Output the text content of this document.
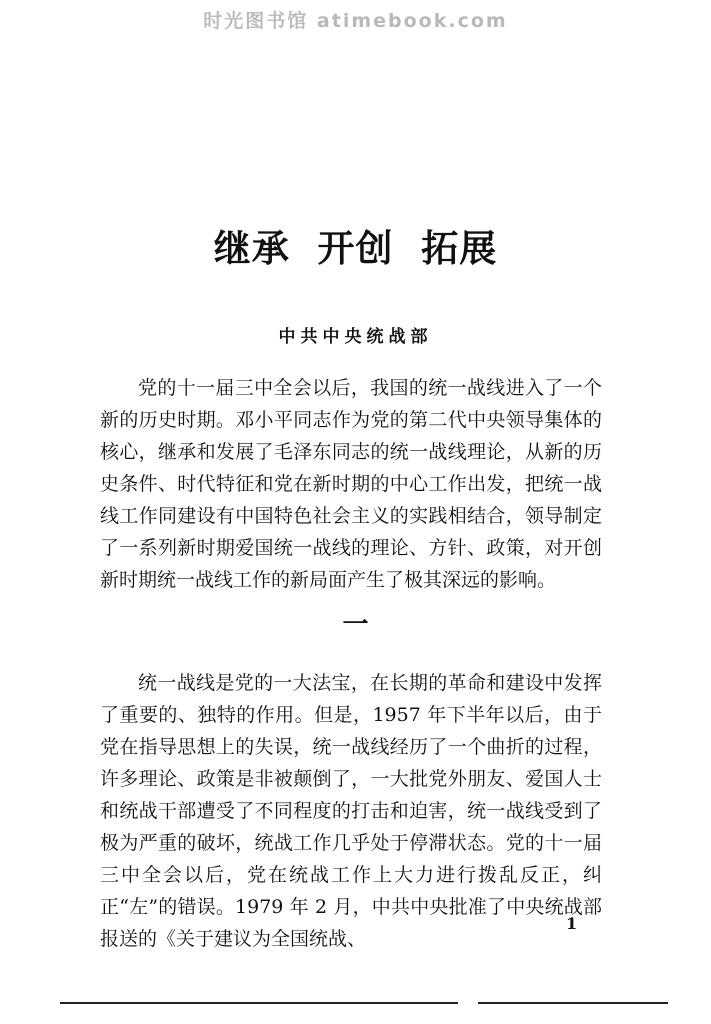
时光图书馆 atimebook.com
继承  开创  拓展
中共中央统战部

党的十一届三中全会以后，我国的统一战线进入了一个新的历史时期。邓小平同志作为党的第二代中央领导集体的核心，继承和发展了毛泽东同志的统一战线理论，从新的历史条件、时代特征和党在新时期的中心工作出发，把统一战线工作同建设有中国特色社会主义的实践相结合，领导制定了一系列新时期爱国统一战线的理论、方针、政策，对开创新时期统一战线工作的新局面产生了极其深远的影响。

一

统一战线是党的一大法宝，在长期的革命和建设中发挥了重要的、独特的作用。但是，1957 年下半年以后，由于党在指导思想上的失误，统一战线经历了一个曲折的过程，许多理论、政策是非被颠倒了，一大批党外朋友、爱国人士和统战干部遭受了不同程度的打击和迫害，统一战线受到了极为严重的破坏，统战工作几乎处于停滞状态。党的十一届三中全会以后，党在统战工作上大力进行拨乱反正，纠正“左”的错误。1979 年 2 月，中共中央批准了中央统战部报送的《关于建议为全国统战、

1
